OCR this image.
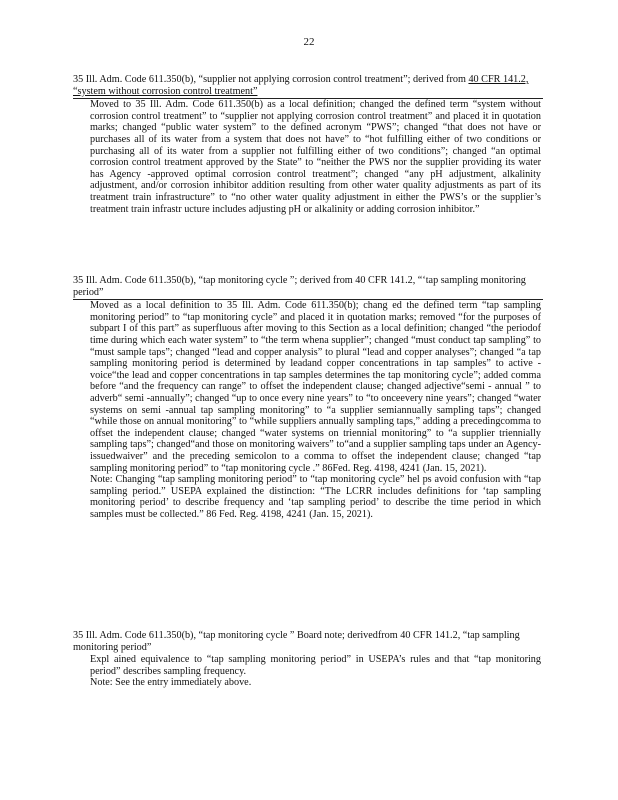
22
35 Ill. Adm. Code 611.350(b), “supplier not applying corrosion control treatment”; derived from 40 CFR 141.2, “system without corrosion control treatment”

Moved to 35 Ill. Adm. Code 611.350(b) as a local definition; changed the defined term “system without corrosion control treatment” to “supplier not applying corrosion control treatment” and placed it in quotation marks; changed “public water system” to the defined acronym “PWS”; changed “that does not have or purchases all of its water from a system that does not have” to “hot fulfilling either of two conditions or purchasing all of its water from a supplier not fulfilling either of two conditions”; changed “an optimal corrosion control treatment approved by the State” to “neither the PWS nor the supplier providing its water has Agency -approved optimal corrosion control treatment”; changed “any pH adjustment, alkalinity adjustment, and/or corrosion inhibitor addition resulting from other water quality adjustments as part of its treatment train infrastructure” to “no other water quality adjustment in either the PWS’s or the supplier’s treatment train infrastr ucture includes adjusting pH or alkalinity or adding corrosion inhibitor.”

35 Ill. Adm. Code 611.350(b), “tap monitoring cycle ”; derived from 40 CFR 141.2, “‘tap sampling monitoring period”

Moved as a local definition to 35 Ill. Adm. Code 611.350(b); chang ed the defined term “tap sampling monitoring period” to “tap monitoring cycle” and placed it in quotation marks; removed “for the purposes of subpart I of this part” as superfluous after moving to this Section as a local definition; changed “the periodof time during which each water system” to “the term whena supplier”; changed “must conduct tap sampling” to “must sample taps”; changed “lead and copper analysis” to plural “lead and copper analyses”; changed “a tap sampling monitoring period is determined by leadand copper concentrations in tap samples” to active -voice“the lead and copper concentrations in tap samples determines the tap monitoring cycle”; added comma before “and the frequency can range” to offset the independent clause; changed adjective“semi - annual ” to adverb“ semi -annually”; changed “up to once every nine years” to “to onceevery nine years”; changed “water systems on semi -annual tap sampling monitoring” to “a supplier semiannually sampling taps”; changed “while those on annual monitoring” to “while suppliers annually sampling taps,” adding a precedingcomma to offset the independent clause; changed “water systems on triennial monitoring” to “a supplier triennially sampling taps”; changed“and those on monitoring waivers” to“and a supplier sampling taps under an Agency-issuedwaiver” and the preceding semicolon to a comma to offset the independent clause; changed “tap sampling monitoring period” to “tap monitoring cycle .” 86Fed. Reg. 4198, 4241 (Jan. 15, 2021).

Note: Changing “tap sampling monitoring period” to “tap monitoring cycle” hel ps avoid confusion with “tap sampling period.” USEPA explained the distinction: “The LCRR includes definitions for ‘tap sampling monitoring period’ to describe frequency and ‘tap sampling period’ to describe the time period in which samples must be collected.” 86 Fed. Reg. 4198, 4241 (Jan. 15, 2021).

35 Ill. Adm. Code 611.350(b), “tap monitoring cycle ” Board note; derivedfrom 40 CFR 141.2, “tap sampling monitoring period”

Expl ained equivalence to “tap sampling monitoring period” in USEPA’s rules and that “tap monitoring period” describes sampling frequency.

Note: See the entry immediately above.
